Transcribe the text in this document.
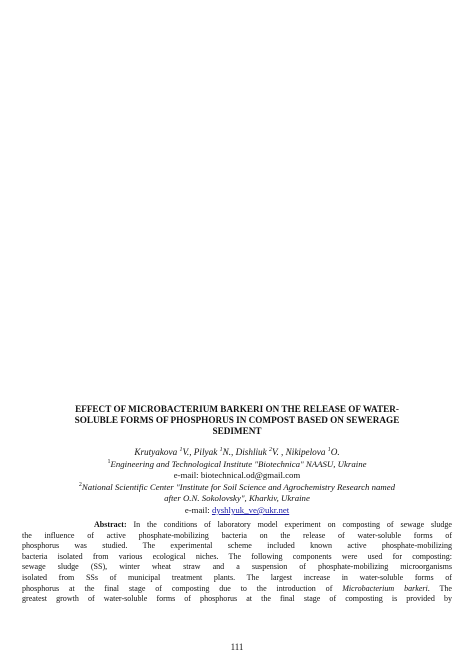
EFFECT OF MICROBACTERIUM BARKERI ON THE RELEASE OF WATER-
SOLUBLE FORMS OF PHOSPHORUS IN COMPOST BASED ON SEWERAGE
SEDIMENT
Krutyakova $^1$V., Pilyak $^1$N., Dishliuk $^2$V. , Nikipelova $^1$O.
$^1$Engineering and Technological Institute "Biotechnica" NAASU, Ukraine
e-mail: biotechnical.od@gmail.com
$^2$National Scientific Center "Institute for Soil Science and Agrochemistry Research named
after O.N. Sokolovsky", Kharkiv, Ukraine
e-mail: dyshlyuk_ve@ukr.net
Abstract: In the conditions of laboratory model experiment on composting of sewage sludge
the influence of active phosphate-mobilizing bacteria on the release of water-soluble forms of
phosphorus was studied. The experimental scheme included known active phosphate-mobilizing
bacteria isolated from various ecological niches. The following components were used for composting:
sewage sludge (SS), winter wheat straw and a suspension of phosphate-mobilizing microorganisms
isolated from SSs of municipal treatment plants. The largest increase in water-soluble forms of
phosphorus at the final stage of composting due to the introduction of Microbacterium barkeri. The
greatest growth of water-soluble forms of phosphorus at the final stage of composting is provided by
111
